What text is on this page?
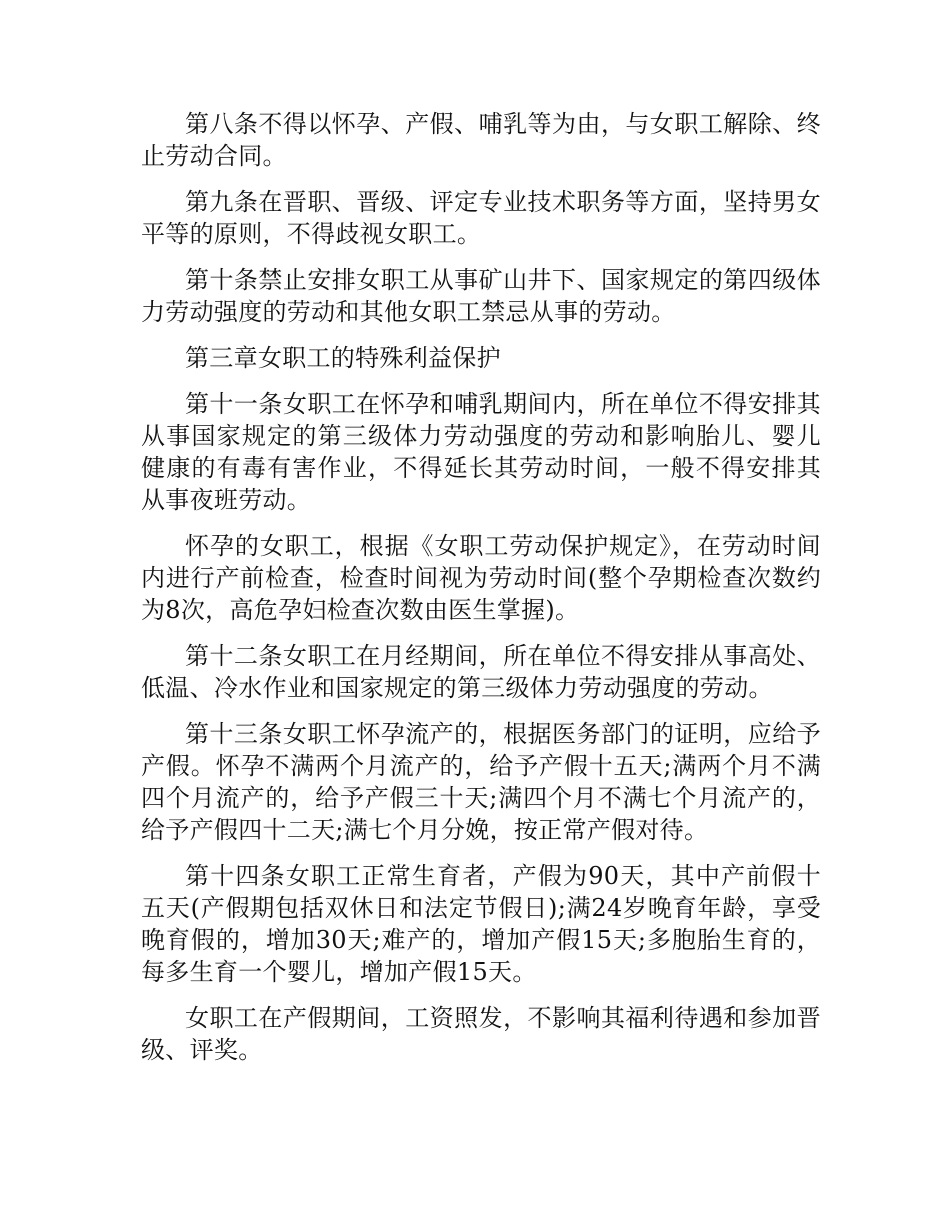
第八条不得以怀孕、产假、哺乳等为由，与女职工解除、终止劳动合同。

第九条在晋职、晋级、评定专业技术职务等方面，坚持男女平等的原则，不得歧视女职工。

第十条禁止安排女职工从事矿山井下、国家规定的第四级体力劳动强度的劳动和其他女职工禁忌从事的劳动。

第三章女职工的特殊利益保护

第十一条女职工在怀孕和哺乳期间内，所在单位不得安排其从事国家规定的第三级体力劳动强度的劳动和影响胎儿、婴儿健康的有毒有害作业，不得延长其劳动时间，一般不得安排其从事夜班劳动。

怀孕的女职工，根据《女职工劳动保护规定》，在劳动时间内进行产前检查，检查时间视为劳动时间(整个孕期检查次数约为8次，高危孕妇检查次数由医生掌握)。

第十二条女职工在月经期间，所在单位不得安排从事高处、低温、冷水作业和国家规定的第三级体力劳动强度的劳动。

第十三条女职工怀孕流产的，根据医务部门的证明，应给予产假。怀孕不满两个月流产的，给予产假十五天;满两个月不满四个月流产的，给予产假三十天;满四个月不满七个月流产的，给予产假四十二天;满七个月分娩，按正常产假对待。

第十四条女职工正常生育者，产假为90天，其中产前假十五天(产假期包括双休日和法定节假日);满24岁晚育年龄，享受晚育假的，增加30天;难产的，增加产假15天;多胞胎生育的，每多生育一个婴儿，增加产假15天。

女职工在产假期间，工资照发，不影响其福利待遇和参加晋级、评奖。
